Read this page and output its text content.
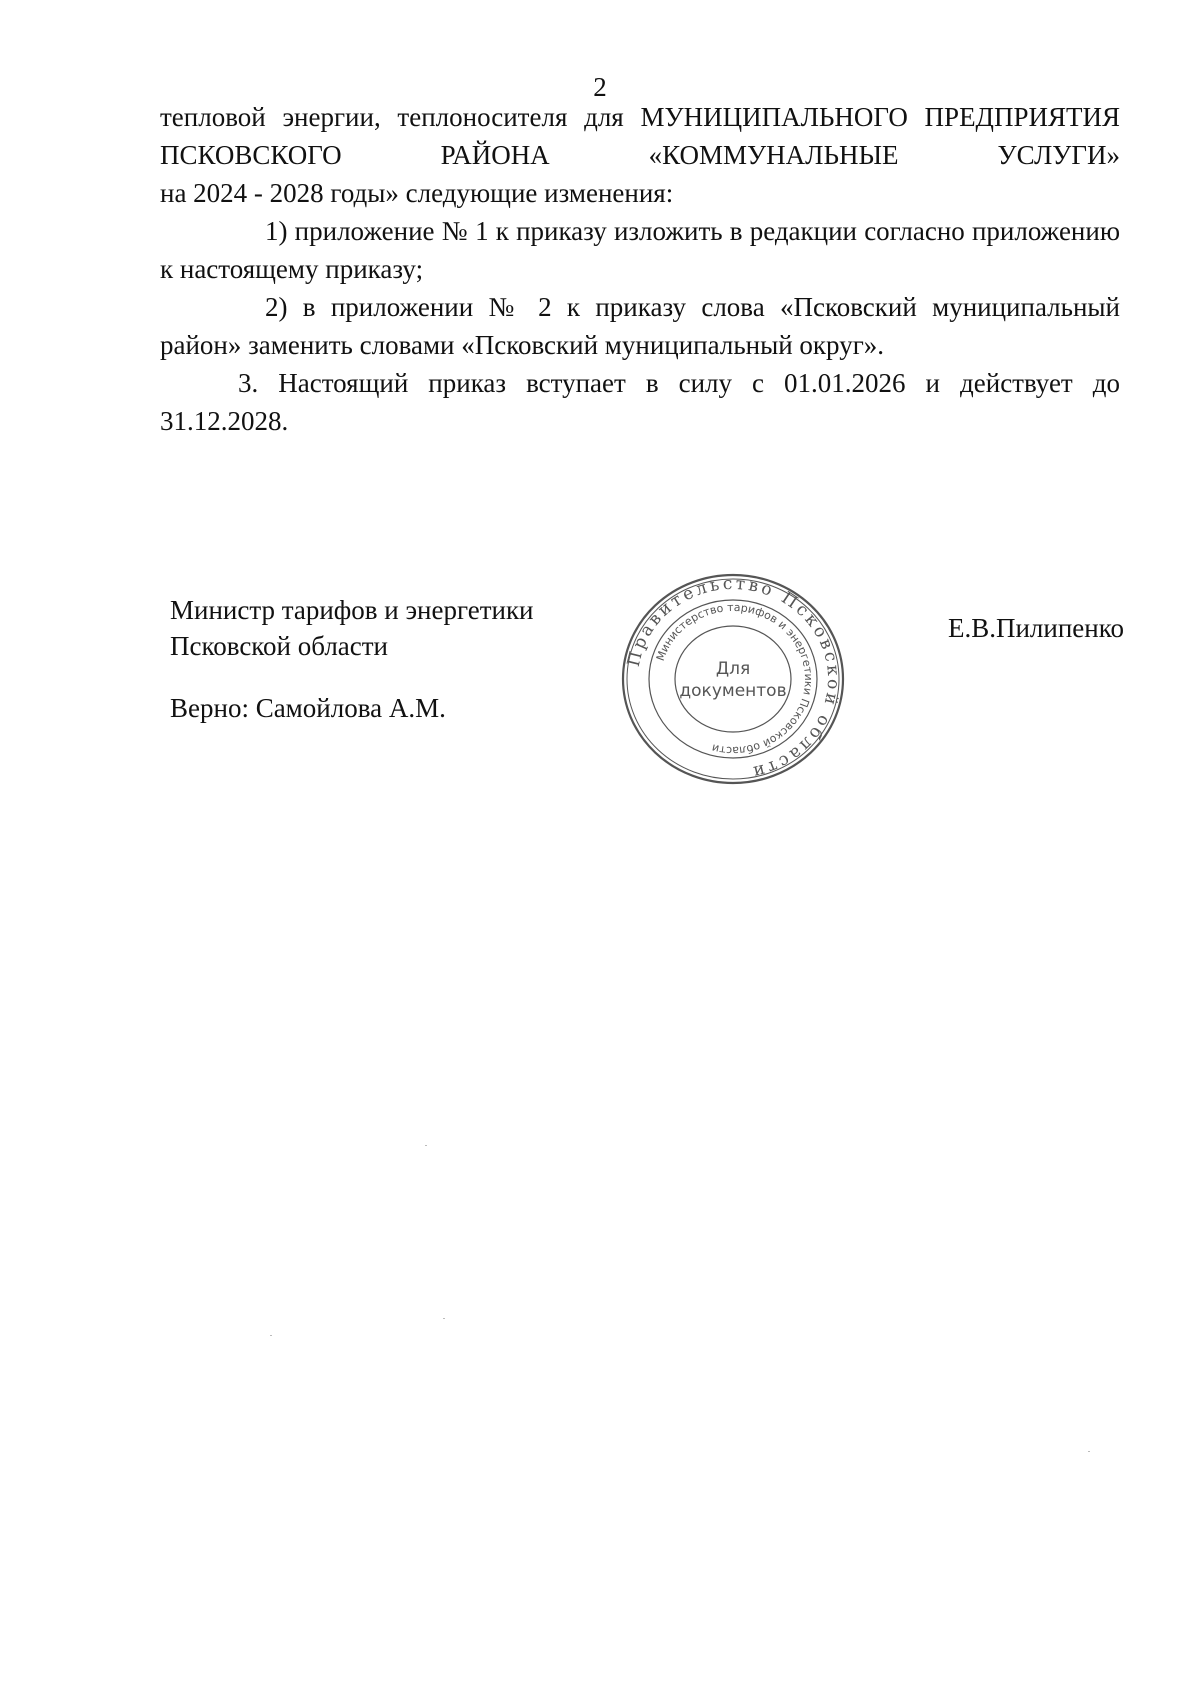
2

тепловой энергии, теплоносителя для МУНИЦИПАЛЬНОГО ПРЕДПРИЯТИЯ

ПСКОВСКОГО РАЙОНА «КОММУНАЛЬНЫЕ УСЛУГИ»

на 2024 - 2028 годы» следующие изменения:

1) приложение № 1 к приказу изложить в редакции согласно приложению к настоящему приказу;

2) в приложении № 2 к приказу слова «Псковский муниципальный район» заменить словами «Псковский муниципальный округ».

3. Настоящий приказ вступает в силу с 01.01.2026 и действует до 31.12.2028.

Министр тарифов и энергетики
Псковской области
Верно: Самойлова А.М.
Е.В.Пилипенко
Правительство Псковской области
Министерство тарифов и энергетики Псковской области
Для
документов
